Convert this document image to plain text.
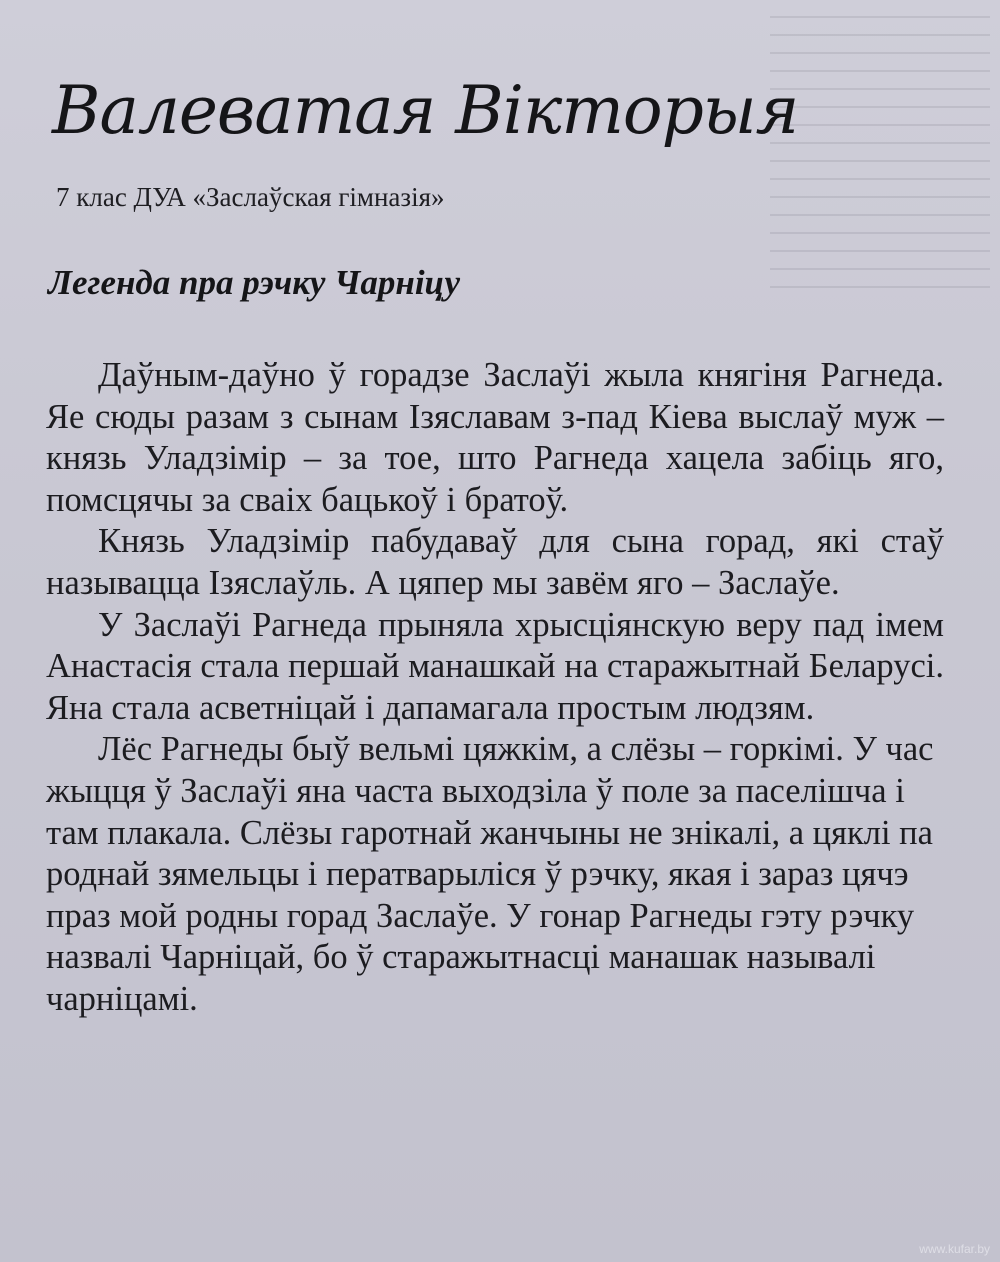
Валеватая Вікторыя
7 клас ДУА «Заслаўская гімназія»
Легенда пра рэчку Чарніцу

Даўным-даўно ў горадзе Заслаўі жыла княгіня Рагнеда. Яе сюды разам з сынам Ізяславам з-пад Кіева выслаў муж – князь Уладзімір – за тое, што Рагнеда хацела забіць яго, помсцячы за сваіх бацькоў і братоў.

Князь Уладзімір пабудаваў для сына горад, які стаў называцца Ізяслаўль. А цяпер мы завём яго – Заслаўе.

У Заслаўі Рагнеда прыняла хрысціянскую веру пад імем Анастасія стала першай манашкай на старажытнай Беларусі. Яна стала асветніцай і дапамагала простым людзям.

Лёс Рагнеды быў вельмі цяжкім, а слёзы – горкімі. У час жыцця ў Заслаўі яна часта выходзіла ў поле за паселішча і там плакала. Слёзы гаротнай жанчыны не знікалі, а цяклі па роднай зямельцы і ператварыліся ў рэчку, якая і зараз цячэ праз мой родны горад Заслаўе. У гонар Рагнеды гэту рэчку назвалі Чарніцай, бо ў старажытнасці манашак называлі чарніцамі.

www.kufar.by
